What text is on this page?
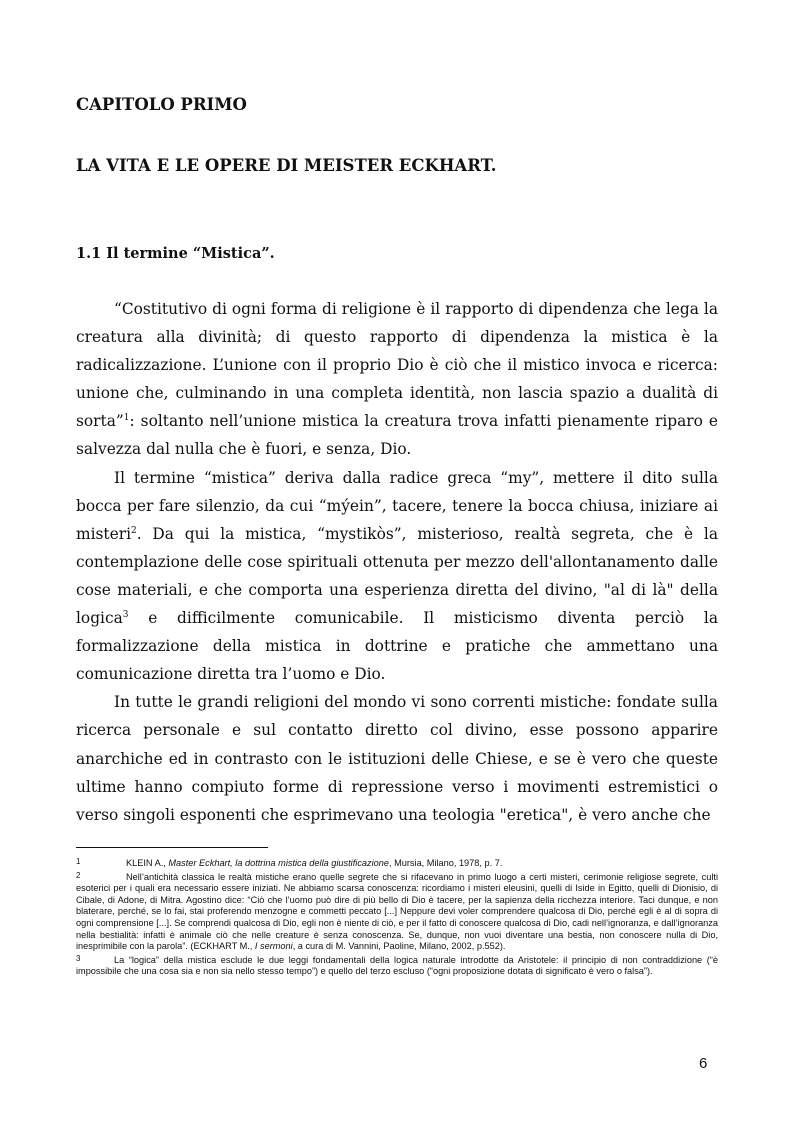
CAPITOLO PRIMO
LA VITA E LE OPERE DI MEISTER ECKHART.
1.1 Il termine “Mistica”.

“Costitutivo di ogni forma di religione è il rapporto di dipendenza che lega la creatura alla divinità; di questo rapporto di dipendenza la mistica è la radicalizzazione. L’unione con il proprio Dio è ciò che il mistico invoca e ricerca: unione che, culminando in una completa identità, non lascia spazio a dualità di sorta”$^1$: soltanto nell’unione mistica la creatura trova infatti pienamente riparo e salvezza dal nulla che è fuori, e senza, Dio.

Il termine “mistica” deriva dalla radice greca “my”, mettere il dito sulla bocca per fare silenzio, da cui “mýein”, tacere, tenere la bocca chiusa, iniziare ai misteri$^2$. Da qui la mistica, “mystikòs”, misterioso, realtà segreta, che è la contemplazione delle cose spirituali ottenuta per mezzo dell'allontanamento dalle cose materiali, e che comporta una esperienza diretta del divino, "al di là" della logica$^3$ e difficilmente comunicabile. Il misticismo diventa perciò la formalizzazione della mistica in dottrine e pratiche che ammettano una comunicazione diretta tra l’uomo e Dio.

In tutte le grandi religioni del mondo vi sono correnti mistiche: fondate sulla ricerca personale e sul contatto diretto col divino, esse possono apparire anarchiche ed in contrasto con le istituzioni delle Chiese, e se è vero che queste ultime hanno compiuto forme di repressione verso i movimenti estremistici o verso singoli esponenti che esprimevano una teologia "eretica", è vero anche che

1	KLEIN A., Master Eckhart, la dottrina mistica della giustificazione, Mursia, Milano, 1978, p. 7.

2	Nell’antichità classica le realtà mistiche erano quelle segrete che si rifacevano in primo luogo a certi misteri, cerimonie religiose segrete, culti esoterici per i quali era necessario essere iniziati. Ne abbiamo scarsa conoscenza: ricordiamo i misteri eleusini, quelli di Iside in Egitto, quelli di Dionisio, di Cibale, di Adone, di Mitra. Agostino dice: “Ciò che l’uomo può dire di più bello di Dio è tacere, per la sapienza della ricchezza interiore. Taci dunque, e non blaterare, perché, se lo fai, stai proferendo menzogne e commetti peccato [...] Neppure devi voler comprendere qualcosa di Dio, perché egli è al di sopra di ogni comprensione [...]. Se comprendi qualcosa di Dio, egli non è niente di ciò, e per il fatto di conoscere qualcosa di Dio, cadi nell’ignoranza, e dall’ignoranza nella bestialità: infatti è animale ciò che nelle creature è senza conoscenza. Se, dunque, non vuoi diventare una bestia, non conoscere nulla di Dio, inesprimibile con la parola”. (ECKHART M., I sermoni, a cura di M. Vannini, Paoline, Milano, 2002, p.552).

3	La “logica” della mistica esclude le due leggi fondamentali della logica naturale introdotte da Aristotele: il principio di non contraddizione (“è impossibile che una cosa sia e non sia nello stesso tempo”) e quello del terzo escluso (“ogni proposizione dotata di significato è vero o falsa”).

6
